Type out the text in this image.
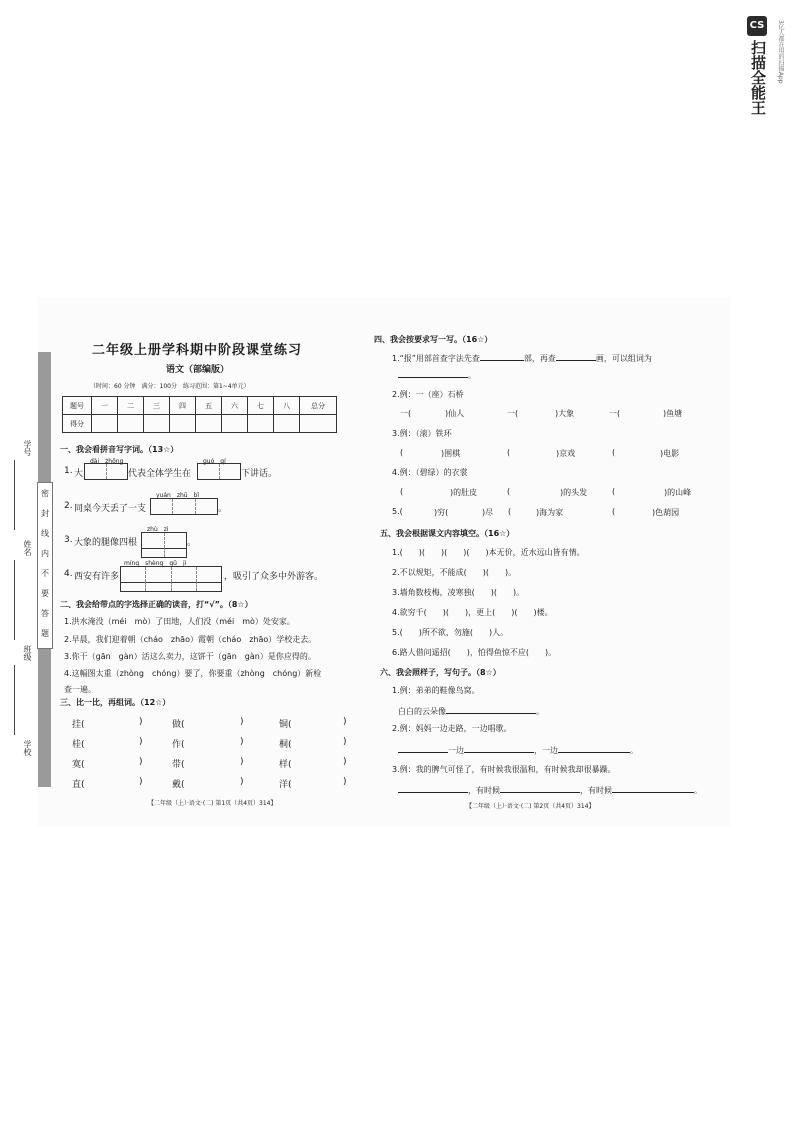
CS
扫描全能王	3亿人都在用的扫描App
密
封
线
内
不
要
答
题
学号
姓名
班级
学校
二年级上册学科期中阶段课堂练习
语文（部编版）
（时间：60 分钟　满分：100分　练习范围：第1~4单元）
题号	一	二	三	四	五	六	七	八	总分
得分									
一、我会看拼音写字词。（13☆）
dài　zhōng	guó　qí
1. 大	代表全体学生在	下讲话。
yuán　zhū　bǐ
2. 同桌今天丢了一支	。
zhù　zi
3. 大象的腿像四根	。
míng　shèng　gǔ　jì
4. 西安有许多	，吸引了众多中外游客。
二、我会给带点的字选择正确的读音，打“√”。（8☆）
1.洪水淹没（méi　mò）了田地，人们没（méi　mò）处安家。
2.早晨，我们迎着朝（cháo　zhāo）霞朝（cháo　zhāo）学校走去。
3.你干（gān　gàn）活这么卖力，这饼干（gān　gàn）是你应得的。
4.这幅图太重（zhòng　chóng）要了，你要重（zhòng　chóng）新检
查一遍。
三、比一比，再组词。（12☆）
挂(	)	做(	)	铜(	)
桂(	)	作(	)	桐(	)
寞(	)	带(	)	样(	)
直(	)	戴(	)	洋(	)
【二年级（上）·语文·(二) 第1页（共4页）314】
四、我会按要求写一写。（16☆）
1.“报”用部首查字法先查	部，再查	画，可以组词为
。
2.例：一（座）石桥
一(	)仙人	一(	)大象	一(	)鱼塘
3.例：（滚）铁环
(	)围棋	(	)京戏	(	)电影
4.例：（碧绿）的衣裳
(	)的肚皮	(	)的头发	(	)的山峰
5.(	)穷(	)尽 (	)海为家	(	)色葫园
五、我会根据课文内容填空。（16☆）
1.(　　)(　　)(　　)(　　)本无价，近水远山皆有情。
2.不以规矩，不能成(　　)(　　)。
3.墙角数枝梅，凌寒独(　　)(　　)。
4.欲穷千(　　)(　　)，更上(　　)(　　)楼。
5.(　　)所不欲，勿施(　　)人。
6.路人借问遥招(　　)，怕得鱼惊不应(　　)。
六、我会照样子，写句子。（8☆）
1.例：弟弟的鞋像鸟窝。
白白的云朵像	。
2.例：妈妈一边走路，一边唱歌。
一边	，一边	。
3.例：我的脾气可怪了，有时候我很温和，有时候我却很暴躁。
，有时候	，有时候	。
【二年级（上）·语文·(二) 第2页（共4页）314】
